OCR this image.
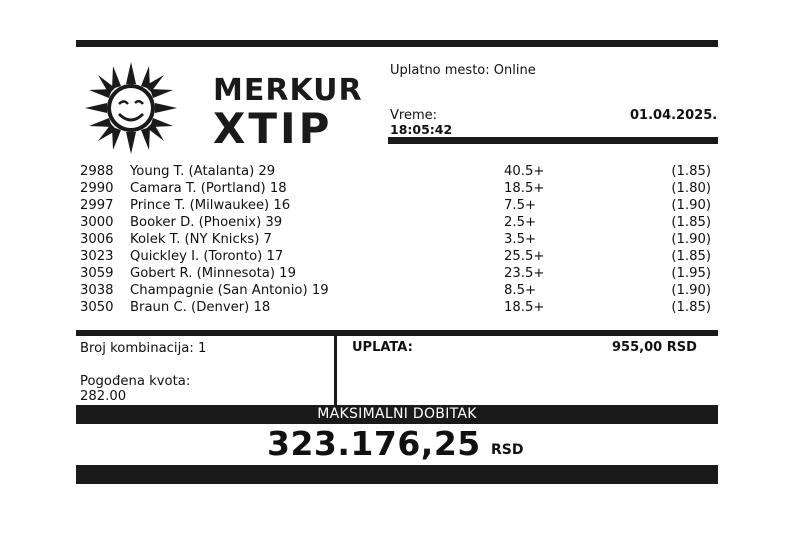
MERKUR
XTIP
Uplatno mesto: Online
Vreme:
18:05:42
01.04.2025.
2988 Young T. (Atalanta) 29	40.5+	(1.85)
2990 Camara T. (Portland) 18	18.5+	(1.80)
2997 Prince T. (Milwaukee) 16	7.5+	(1.90)
3000 Booker D. (Phoenix) 39	2.5+	(1.85)
3006 Kolek T. (NY Knicks) 7	3.5+	(1.90)
3023 Quickley I. (Toronto) 17	25.5+	(1.85)
3059 Gobert R. (Minnesota) 19	23.5+	(1.95)
3038 Champagnie (San Antonio) 19	8.5+	(1.90)
3050 Braun C. (Denver) 18	18.5+	(1.85)
Broj kombinacija: 1
Pogođena kvota:
282.00
UPLATA:	955,00 RSD
MAKSIMALNI DOBITAK
323.176,25 RSD
